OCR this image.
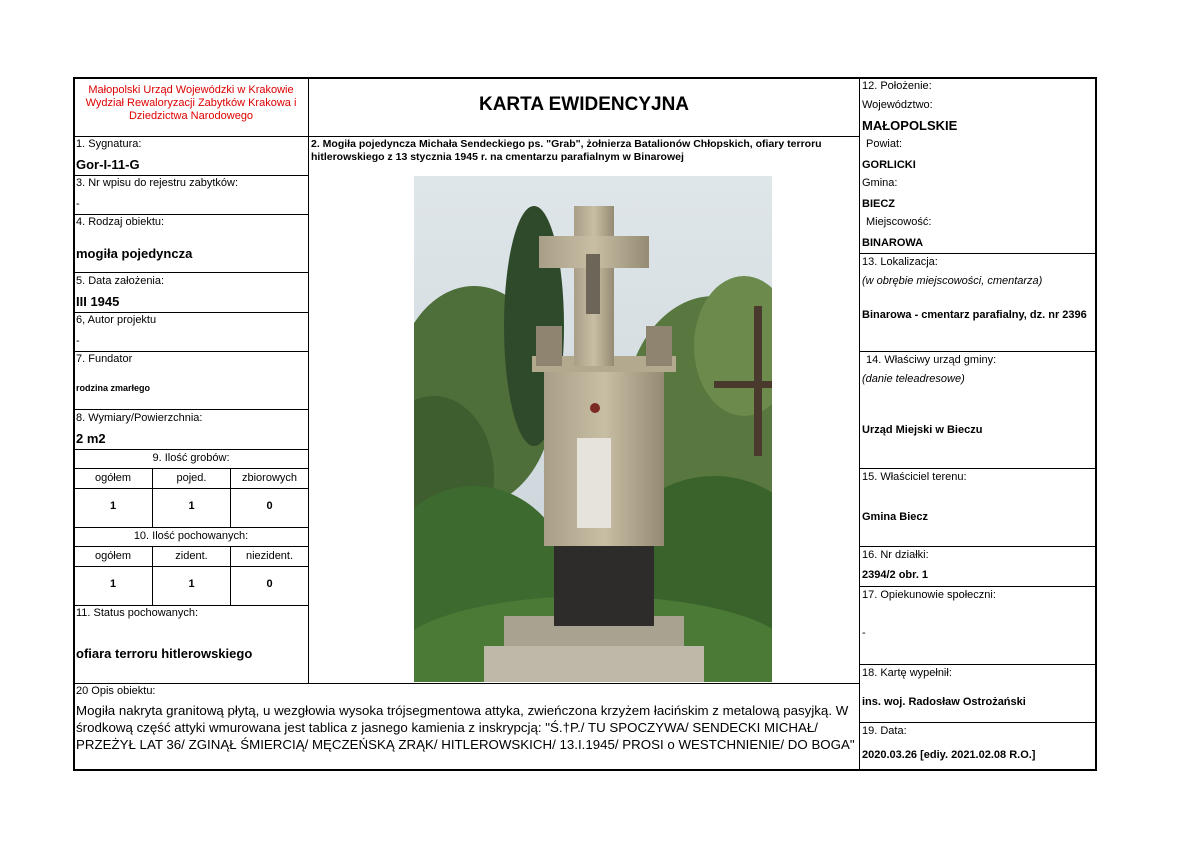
Małopolski Urząd Wojewódzki w Krakowie Wydział Rewaloryzacji Zabytków Krakowa i Dziedzictwa Narodowego
KARTA EWIDENCYJNA
1. Sygnatura:
Gor-I-11-G
3. Nr wpisu do rejestru zabytków:
-
4. Rodzaj obiektu:
mogiła pojedyncza
5. Data założenia:
III 1945
6, Autor projektu
-
7. Fundator
rodzina zmarłego
8. Wymiary/Powierzchnia:
2 m2
9. Ilość grobów:
ogółem	pojed.	zbiorowych
1	1	0
10. Ilość pochowanych:
ogółem	zident.	niezident.
1	1	0
11. Status pochowanych:
ofiara terroru hitlerowskiego
2. Mogiła pojedyncza Michała Sendeckiego ps. "Grab", żołnierza Batalionów Chłopskich, ofiary terroru hitlerowskiego z 13 stycznia 1945 r. na cmentarzu parafialnym w Binarowej
12. Położenie:
Województwo:
MAŁOPOLSKIE
Powiat:
GORLICKI
Gmina:
BIECZ
Miejscowość:
BINAROWA
13. Lokalizacja:
(w obrębie miejscowości, cmentarza)
Binarowa - cmentarz parafialny, dz. nr 2396
14. Właściwy urząd gminy:
(danie teleadresowe)
Urząd Miejski w Bieczu
15. Właściciel terenu:
Gmina Biecz
16. Nr działki:
2394/2 obr. 1
17. Opiekunowie społeczni:
-
18. Kartę wypełnił:
ins. woj. Radosław Ostrożański
19. Data:
2020.03.26 [ediy. 2021.02.08 R.O.]
20 Opis obiektu:
Mogiła nakryta granitową płytą, u wezgłowia wysoka trójsegmentowa attyka, zwieńczona krzyżem łacińskim z metalową pasyjką. W środkową część attyki wmurowana jest tablica z jasnego kamienia z inskrypcją: "Ś.†P./ TU SPOCZYWA/ SENDECKI MICHAŁ/ PRZEŻYŁ LAT 36/ ZGINĄŁ ŚMIERCIĄ/ MĘCZEŃSKĄ ZRĄK/ HITLEROWSKICH/ 13.I.1945/ PROSI o WESTCHNIENIE/ DO BOGA"
